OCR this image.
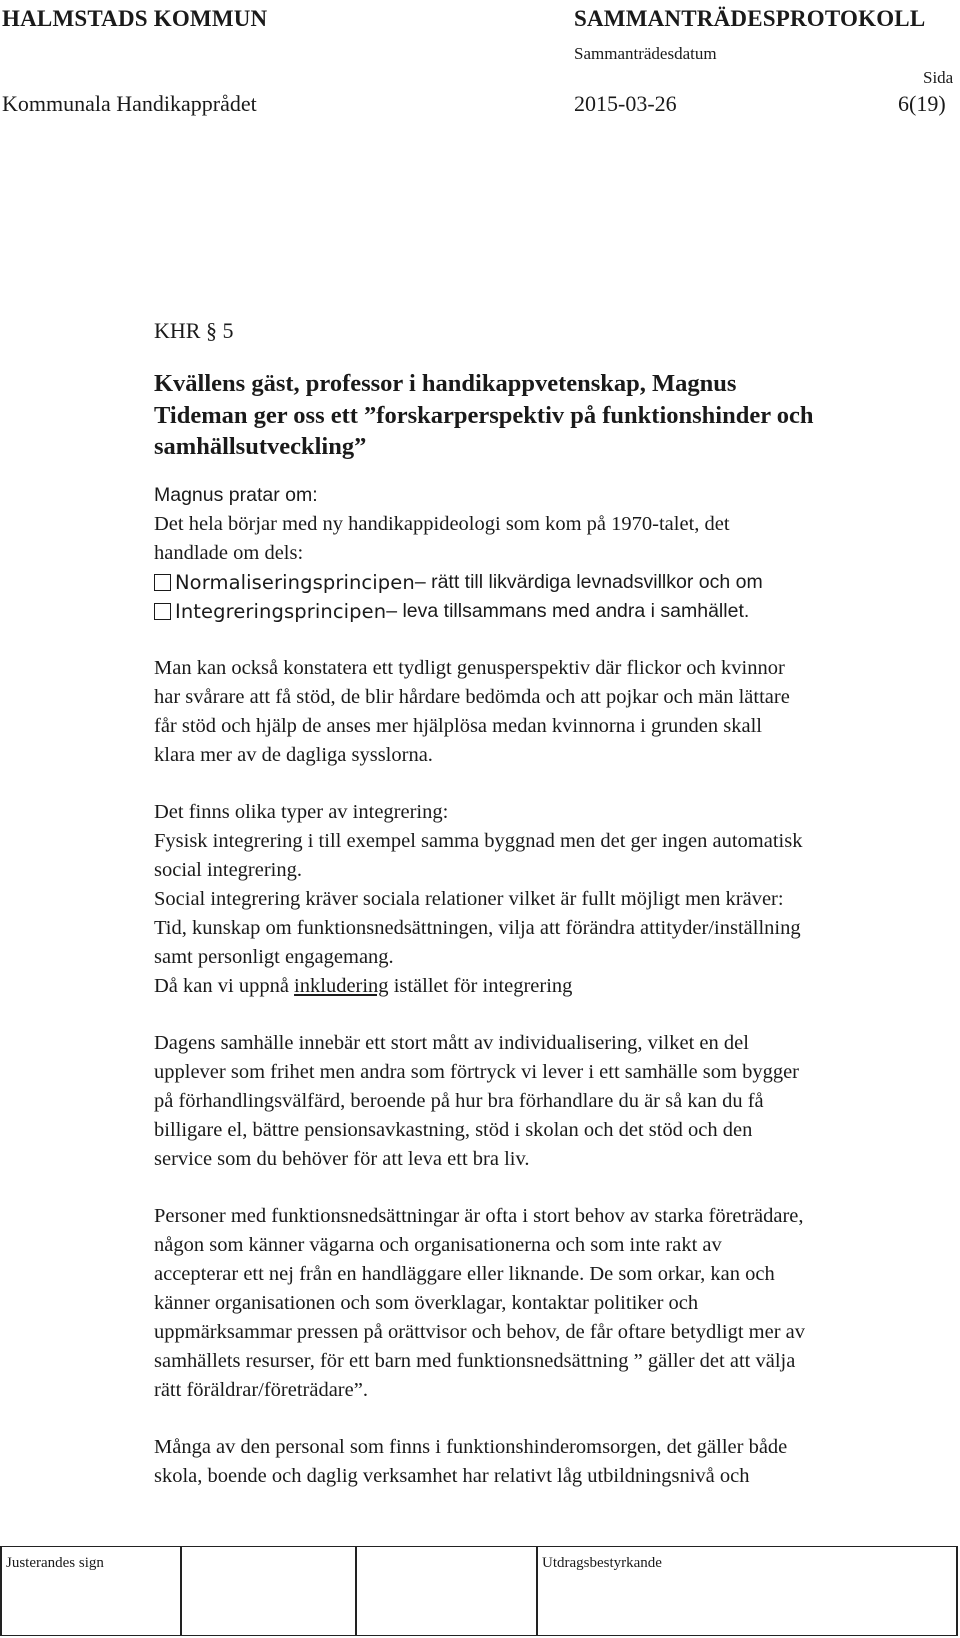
HALMSTADS KOMMUN	SAMMANTRÄDESPROTOKOLL
Sammanträdesdatum
Sida
Kommunala Handikapprådet	2015-03-26	6(19)
KHR § 5
Kvällens gäst, professor i handikappvetenskap, Magnus
Tideman ger oss ett ”forskarperspektiv på funktionshinder och
samhällsutveckling”
Magnus pratar om:
Det hela börjar med ny handikappideologi som kom på 1970-talet, det
handlade om dels:
Normaliseringsprincipen – rätt till likvärdiga levnadsvillkor och om
Integreringsprincipen – leva tillsammans med andra i samhället.
Man kan också konstatera ett tydligt genusperspektiv där flickor och kvinnor
har svårare att få stöd, de blir hårdare bedömda och att pojkar och män lättare
får stöd och hjälp de anses mer hjälplösa medan kvinnorna i grunden skall
klara mer av de dagliga sysslorna.
Det finns olika typer av integrering:
Fysisk integrering i till exempel samma byggnad men det ger ingen automatisk
social integrering.
Social integrering kräver sociala relationer vilket är fullt möjligt men kräver:
Tid, kunskap om funktionsnedsättningen, vilja att förändra attityder/inställning
samt personligt engagemang.
Då kan vi uppnå inkludering istället för integrering
Dagens samhälle innebär ett stort mått av individualisering, vilket en del
upplever som frihet men andra som förtryck vi lever i ett samhälle som bygger
på förhandlingsvälfärd, beroende på hur bra förhandlare du är så kan du få
billigare el, bättre pensionsavkastning, stöd i skolan och det stöd och den
service som du behöver för att leva ett bra liv.
Personer med funktionsnedsättningar är ofta i stort behov av starka företrädare,
någon som känner vägarna och organisationerna och som inte rakt av
accepterar ett nej från en handläggare eller liknande. De som orkar, kan och
känner organisationen och som överklagar, kontaktar politiker och
uppmärksammar pressen på orättvisor och behov, de får oftare betydligt mer av
samhällets resurser, för ett barn med funktionsnedsättning ” gäller det att välja
rätt föräldrar/företrädare”.
Många av den personal som finns i funktionshinderomsorgen, det gäller både
skola, boende och daglig verksamhet har relativt låg utbildningsnivå och
Justerandes sign	Utdragsbestyrkande
